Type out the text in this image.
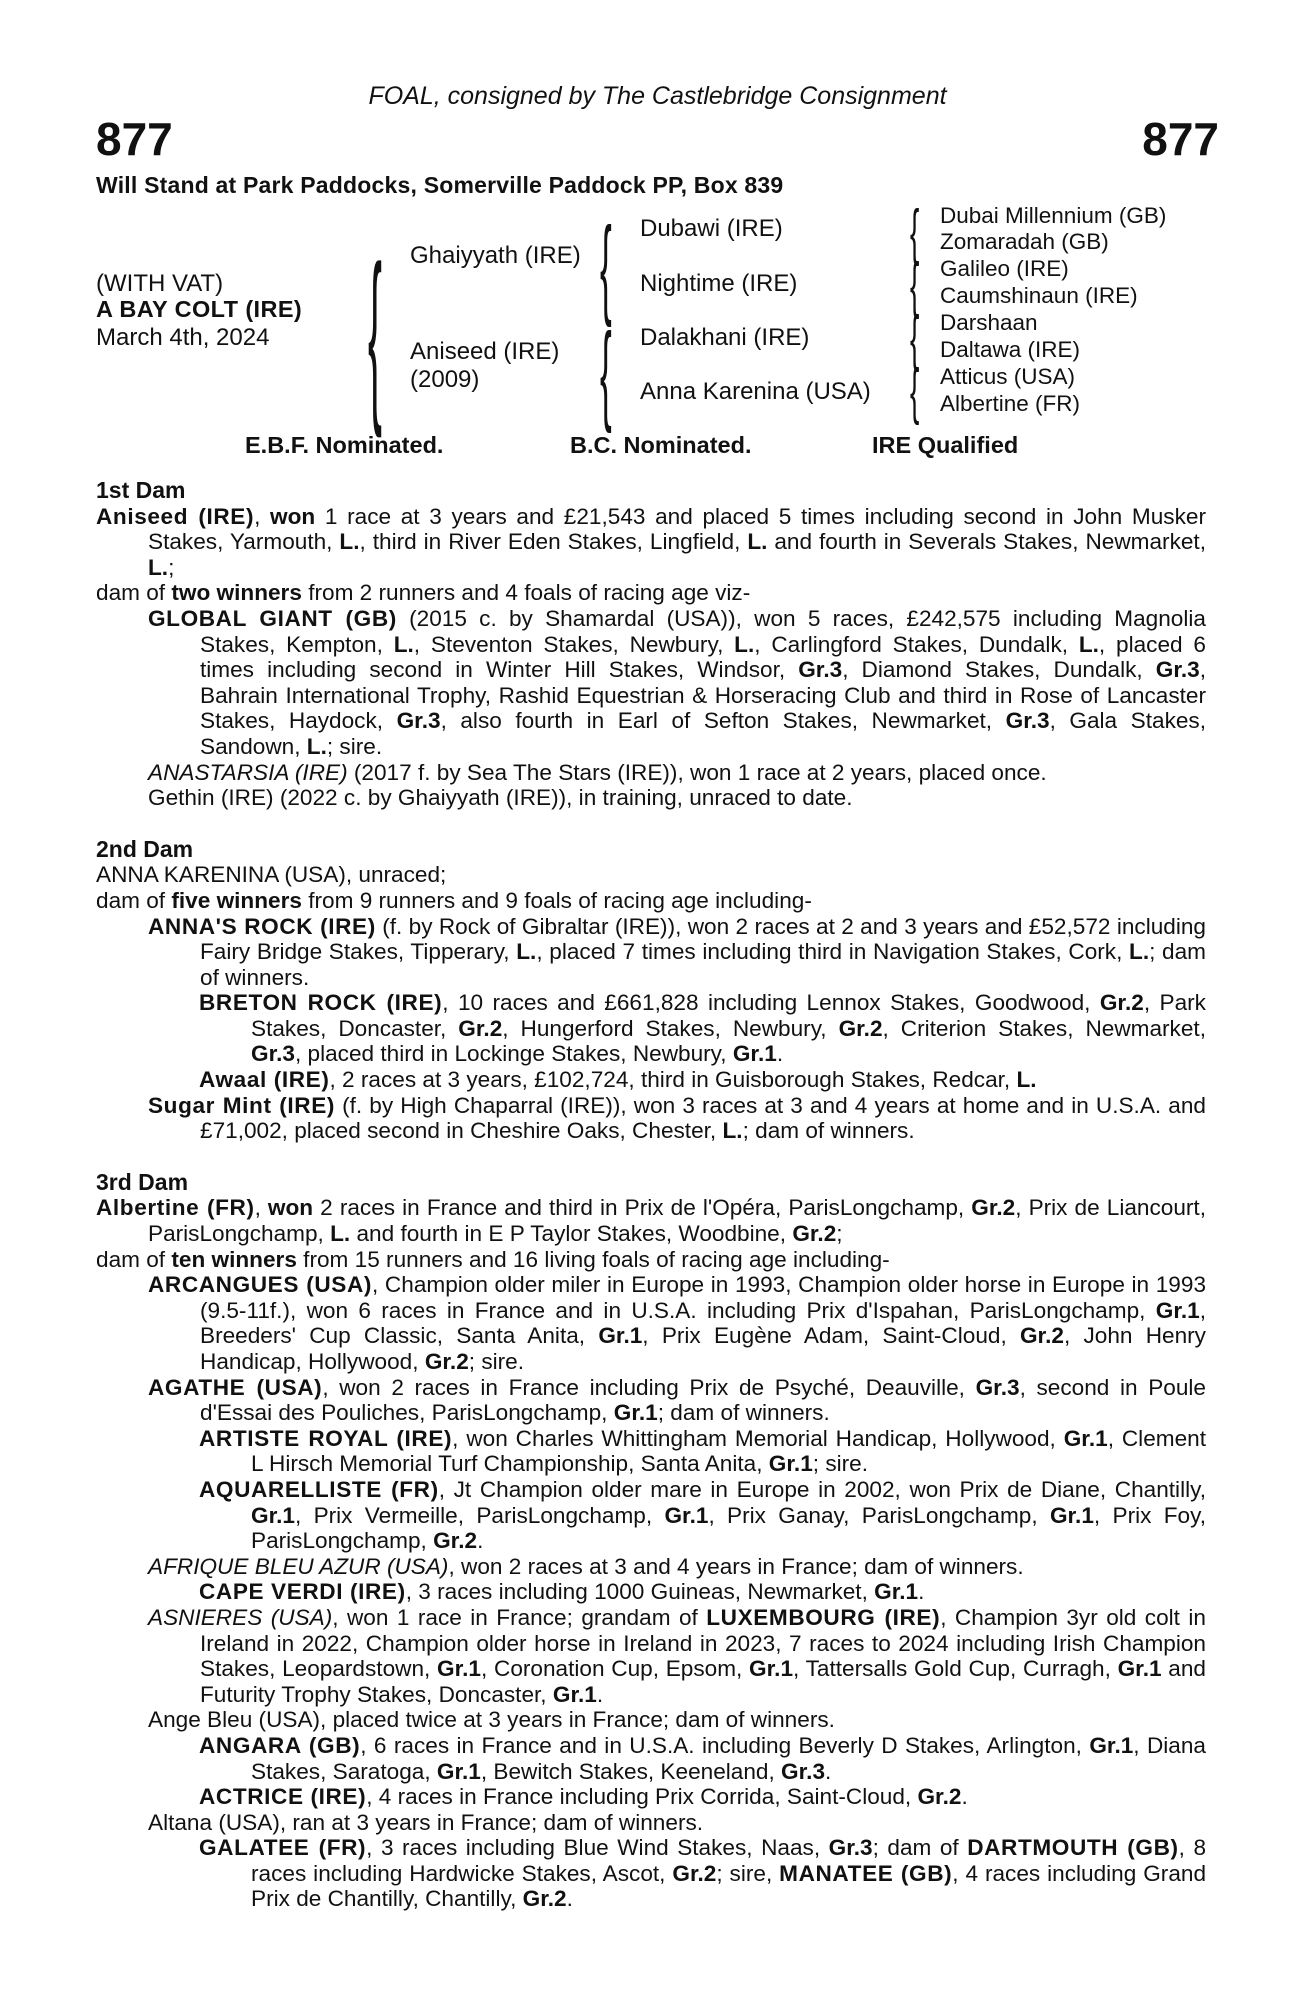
FOAL, consigned by The Castlebridge Consignment
877	877
Will Stand at Park Paddocks, Somerville Paddock PP, Box 839
(WITH VAT)
A BAY COLT (IRE)
March 4th, 2024 { {
{
{
{
{
{
Ghaiyyath (IRE)
Aniseed (IRE)
(2009)
Dubawi (IRE)
Nightime (IRE)
Dalakhani (IRE)
Anna Karenina (USA)
Dubai Millennium (GB)
Zomaradah (GB)
Galileo (IRE)
Caumshinaun (IRE)
Darshaan
Daltawa (IRE)
Atticus (USA)
Albertine (FR)
E.B.F. Nominated.	B.C. Nominated.	IRE Qualified
1st Dam

Aniseed (IRE), won 1 race at 3 years and £21,543 and placed 5 times including second in John Musker Stakes, Yarmouth, L., third in River Eden Stakes, Lingfield, L. and fourth in Severals Stakes, Newmarket, L.;

dam of two winners from 2 runners and 4 foals of racing age viz-

GLOBAL GIANT (GB) (2015 c. by Shamardal (USA)), won 5 races, £242,575 including Magnolia Stakes, Kempton, L., Steventon Stakes, Newbury, L., Carlingford Stakes, Dundalk, L., placed 6 times including second in Winter Hill Stakes, Windsor, Gr.3, Diamond Stakes, Dundalk, Gr.3, Bahrain International Trophy, Rashid Equestrian & Horseracing Club and third in Rose of Lancaster Stakes, Haydock, Gr.3, also fourth in Earl of Sefton Stakes, Newmarket, Gr.3, Gala Stakes, Sandown, L.; sire.

ANASTARSIA (IRE) (2017 f. by Sea The Stars (IRE)), won 1 race at 2 years, placed once.

Gethin (IRE) (2022 c. by Ghaiyyath (IRE)), in training, unraced to date.

2nd Dam

ANNA KARENINA (USA), unraced;

dam of five winners from 9 runners and 9 foals of racing age including-

ANNA'S ROCK (IRE) (f. by Rock of Gibraltar (IRE)), won 2 races at 2 and 3 years and £52,572 including Fairy Bridge Stakes, Tipperary, L., placed 7 times including third in Navigation Stakes, Cork, L.; dam of winners.

BRETON ROCK (IRE), 10 races and £661,828 including Lennox Stakes, Goodwood, Gr.2, Park Stakes, Doncaster, Gr.2, Hungerford Stakes, Newbury, Gr.2, Criterion Stakes, Newmarket, Gr.3, placed third in Lockinge Stakes, Newbury, Gr.1.

Awaal (IRE), 2 races at 3 years, £102,724, third in Guisborough Stakes, Redcar, L.

Sugar Mint (IRE) (f. by High Chaparral (IRE)), won 3 races at 3 and 4 years at home and in U.S.A. and £71,002, placed second in Cheshire Oaks, Chester, L.; dam of winners.

3rd Dam

Albertine (FR), won 2 races in France and third in Prix de l'Opéra, ParisLongchamp, Gr.2, Prix de Liancourt, ParisLongchamp, L. and fourth in E P Taylor Stakes, Woodbine, Gr.2;

dam of ten winners from 15 runners and 16 living foals of racing age including-

ARCANGUES (USA), Champion older miler in Europe in 1993, Champion older horse in Europe in 1993 (9.5-11f.), won 6 races in France and in U.S.A. including Prix d'Ispahan, ParisLongchamp, Gr.1, Breeders' Cup Classic, Santa Anita, Gr.1, Prix Eugène Adam, Saint-Cloud, Gr.2, John Henry Handicap, Hollywood, Gr.2; sire.

AGATHE (USA), won 2 races in France including Prix de Psyché, Deauville, Gr.3, second in Poule d'Essai des Pouliches, ParisLongchamp, Gr.1; dam of winners.

ARTISTE ROYAL (IRE), won Charles Whittingham Memorial Handicap, Hollywood, Gr.1, Clement L Hirsch Memorial Turf Championship, Santa Anita, Gr.1; sire.

AQUARELLISTE (FR), Jt Champion older mare in Europe in 2002, won Prix de Diane, Chantilly, Gr.1, Prix Vermeille, ParisLongchamp, Gr.1, Prix Ganay, ParisLongchamp, Gr.1, Prix Foy, ParisLongchamp, Gr.2.

AFRIQUE BLEU AZUR (USA), won 2 races at 3 and 4 years in France; dam of winners.

CAPE VERDI (IRE), 3 races including 1000 Guineas, Newmarket, Gr.1.

ASNIERES (USA), won 1 race in France; grandam of LUXEMBOURG (IRE), Champion 3yr old colt in Ireland in 2022, Champion older horse in Ireland in 2023, 7 races to 2024 including Irish Champion Stakes, Leopardstown, Gr.1, Coronation Cup, Epsom, Gr.1, Tattersalls Gold Cup, Curragh, Gr.1 and Futurity Trophy Stakes, Doncaster, Gr.1.

Ange Bleu (USA), placed twice at 3 years in France; dam of winners.

ANGARA (GB), 6 races in France and in U.S.A. including Beverly D Stakes, Arlington, Gr.1, Diana Stakes, Saratoga, Gr.1, Bewitch Stakes, Keeneland, Gr.3.

ACTRICE (IRE), 4 races in France including Prix Corrida, Saint-Cloud, Gr.2.

Altana (USA), ran at 3 years in France; dam of winners.

GALATEE (FR), 3 races including Blue Wind Stakes, Naas, Gr.3; dam of DARTMOUTH (GB), 8 races including Hardwicke Stakes, Ascot, Gr.2; sire, MANATEE (GB), 4 races including Grand Prix de Chantilly, Chantilly, Gr.2.
